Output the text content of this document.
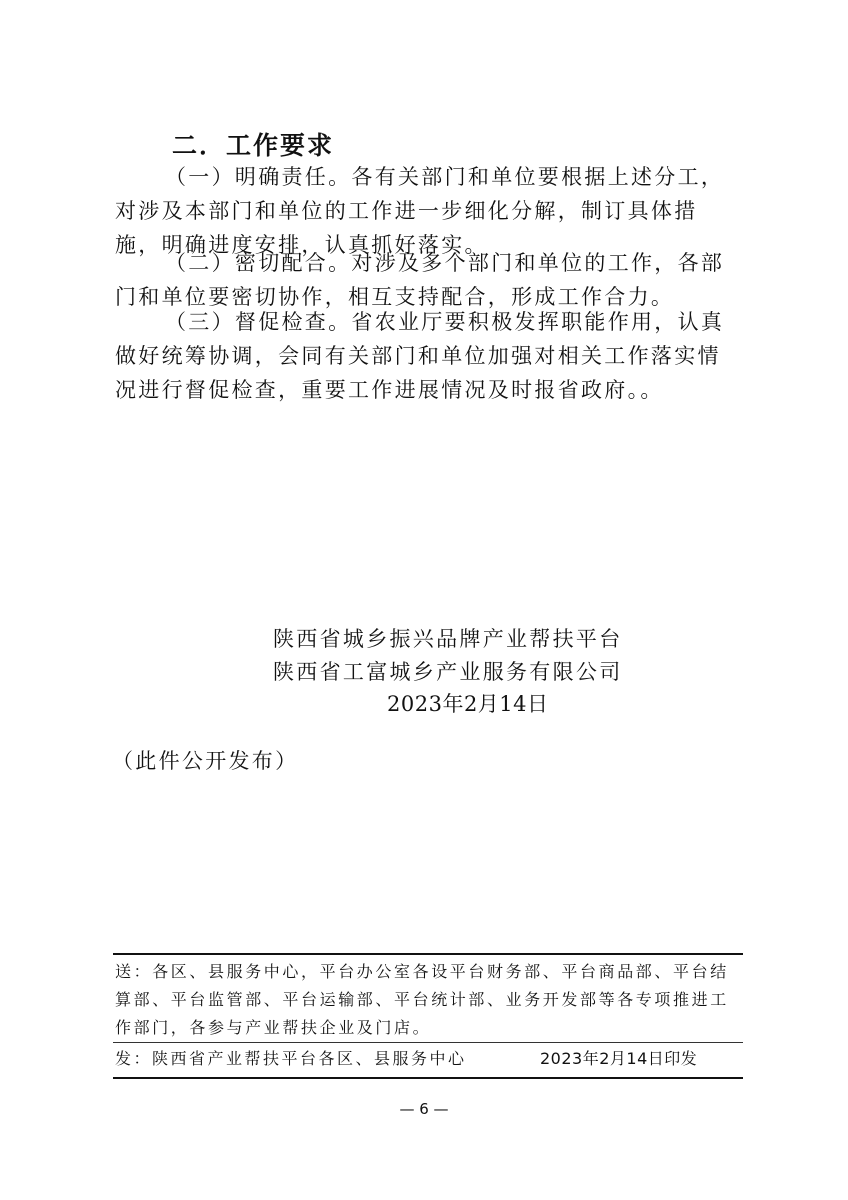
二．工作要求

（一）明确责任。各有关部门和单位要根据上述分工，对涉及本部门和单位的工作进一步细化分解，制订具体措施，明确进度安排，认真抓好落实。

（二）密切配合。对涉及多个部门和单位的工作，各部门和单位要密切协作，相互支持配合，形成工作合力。

（三）督促检查。省农业厅要积极发挥职能作用，认真做好统筹协调，会同有关部门和单位加强对相关工作落实情况进行督促检查，重要工作进展情况及时报省政府。。

陕西省城乡振兴品牌产业帮扶平台
陕西省工富城乡产业服务有限公司
2023年2月14日
（此件公开发布）

送：各区、县服务中心，平台办公室各设平台财务部、平台商品部、平台结算部、平台监管部、平台运输部、平台统计部、业务开发部等各专项推进工作部门，各参与产业帮扶企业及门店。

发：陕西省产业帮扶平台各区、县服务中心	2023年2月14日印发
— 6 —
